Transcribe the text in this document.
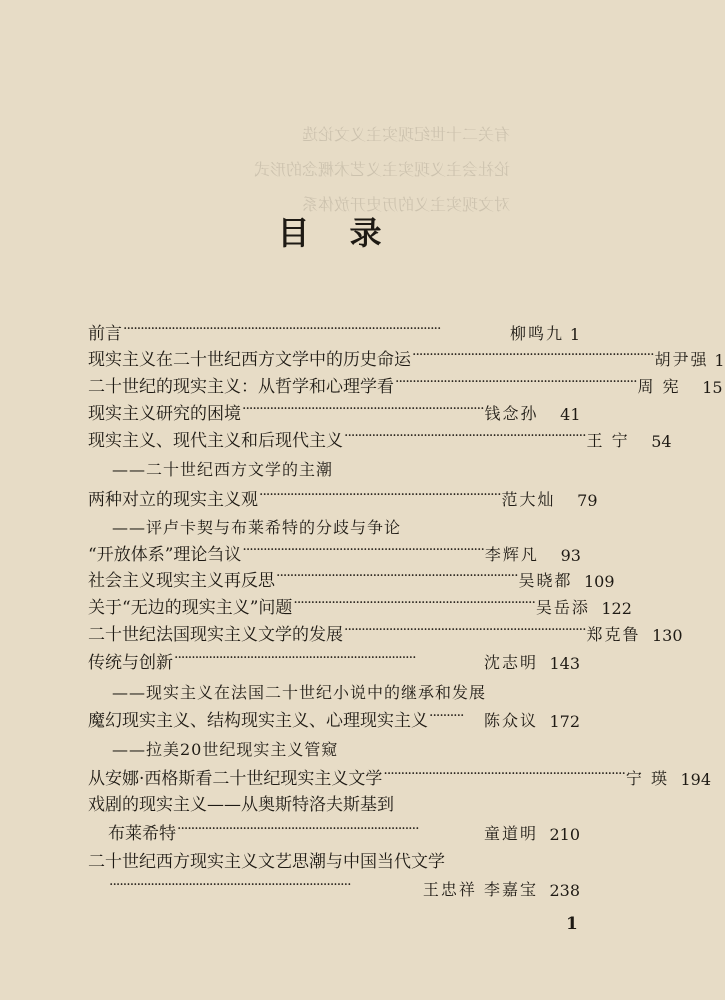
有关二十世纪现实主义文论选
论社会主义现实主义艺术概念的形式
对文现实主义的历史开放体系
目录
前言 ····························································································	柳鸣九 1
现实主义在二十世纪西方文学中的历史命运 ······································································ 胡尹强 1
二十世纪的现实主义：从哲学和心理学看 ······································································ 周 宪	15
现实主义研究的困境 ······································································ 钱念孙	41
现实主义、现代主义和后现代主义 ······································································ 王 宁	54
——二十世纪西方文学的主潮
两种对立的现实主义观 ······································································ 范大灿	79
——评卢卡契与布莱希特的分歧与争论
“开放体系”理论刍议 ······································································ 李辉凡	93
社会主义现实主义再反思 ······································································ 吴晓都 109
关于“无边的现实主义”问题 ······································································ 吴岳添 122
二十世纪法国现实主义文学的发展 ······································································ 郑克鲁 130
传统与创新 ······································································	沈志明 143
——现实主义在法国二十世纪小说中的继承和发展
魔幻现实主义、结构现实主义、心理现实主义 ··········	陈众议 172
——拉美20世纪现实主义管窥
从安娜·西格斯看二十世纪现实主义文学 ······································································ 宁 瑛 194
戏剧的现实主义——从奥斯特洛夫斯基到
布莱希特 ······································································	童道明 210
二十世纪西方现实主义文艺思潮与中国当代文学
······································································	王忠祥 李嘉宝 238
1
